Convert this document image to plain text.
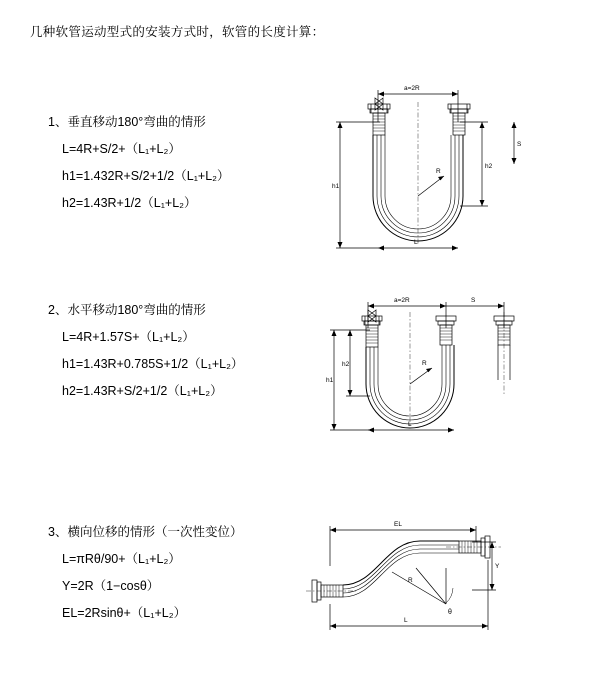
几种软管运动型式的安装方式时，软管的长度计算：
1、垂直移动180°弯曲的情形
L=4R+S/2+（L₁+L₂）
h1=1.432R+S/2+1/2（L₁+L₂）
h2=1.43R+1/2（L₁+L₂）
a=2R
h1
h2
S
R
L
2、水平移动180°弯曲的情形
L=4R+1.57S+（L₁+L₂）
h1=1.43R+0.785S+1/2（L₁+L₂）
h2=1.43R+S/2+1/2（L₁+L₂）
a=2R	S
h1
h2	R
L
3、横向位移的情形（一次性变位）
L=πRθ/90+（L₁+L₂）
Y=2R（1−cosθ）
EL=2Rsinθ+（L₁+L₂）
EL
Y
θ
R
L
